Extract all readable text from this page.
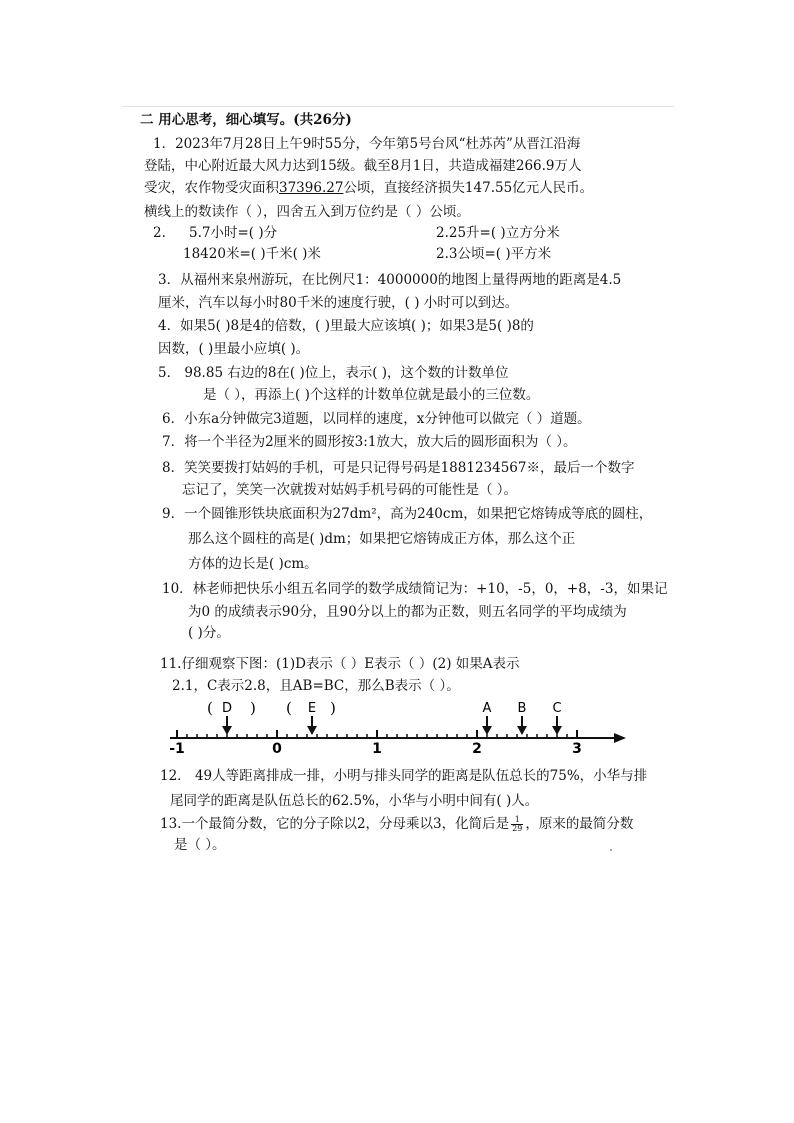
二 用心思考，细心填写。(共26分)
1．2023年7月28日上午9时55分，今年第5号台风“杜苏芮”从晋江沿海
登陆，中心附近最大风力达到15级。截至8月1日，共造成福建266.9万人
受灾，农作物受灾面积37396.27公顷，直接经济损失147.55亿元人民币。
横线上的数读作（ ），四舍五入到万位约是（ ）公顷。
2. 5.7小时=( )分	2.25升=( )立方分米
18420米=( )千米( )米	2.3公顷=( )平方米
3．从福州来泉州游玩，在比例尺1：4000000的地图上量得两地的距离是4.5
厘米，汽车以每小时80千米的速度行驶，( ) 小时可以到达。
4．如果5( )8是4的倍数，( )里最大应该填( )；如果3是5( )8的
因数，( )里最小应填( )。
5． 98.85 右边的8在( )位上，表示( )，这个数的计数单位
是（ ），再添上( )个这样的计数单位就是最小的三位数。
6．小东a分钟做完3道题，以同样的速度，x分钟他可以做完（ ）道题。
7．将一个半径为2厘米的圆形按3:1放大，放大后的圆形面积为（ ）。
8．笑笑要拨打姑妈的手机，可是只记得号码是1881234567※，最后一个数字
忘记了，笑笑一次就拨对姑妈手机号码的可能性是（ ）。
9．一个圆锥形铁块底面积为27dm²，高为240cm，如果把它熔铸成等底的圆柱，
那么这个圆柱的高是( )dm；如果把它熔铸成正方体，那么这个正
方体的边长是( )cm。
10．林老师把快乐小组五名同学的数学成绩简记为：+10，-5，0，+8，-3，如果记
为0 的成绩表示90分，且90分以上的都为正数，则五名同学的平均成绩为
( )分。
11.仔细观察下图：(1)D表示（ ）E表示（ ）(2) 如果A表示
2.1，C表示2.8，且AB=BC，那么B表示（ ）。
-1	0	1	2	3
D	E	A B C
( ) (	)
12． 49人等距离排成一排，小明与排头同学的距离是队伍总长的75%，小华与排
尾同学的距离是队伍总长的62.5%，小华与小明中间有( )人。
13.一个最简分数，它的分子除以2，分母乘以3，化简后是 $\frac{1}{29}$ ，原来的最简分数
是（ ）。
